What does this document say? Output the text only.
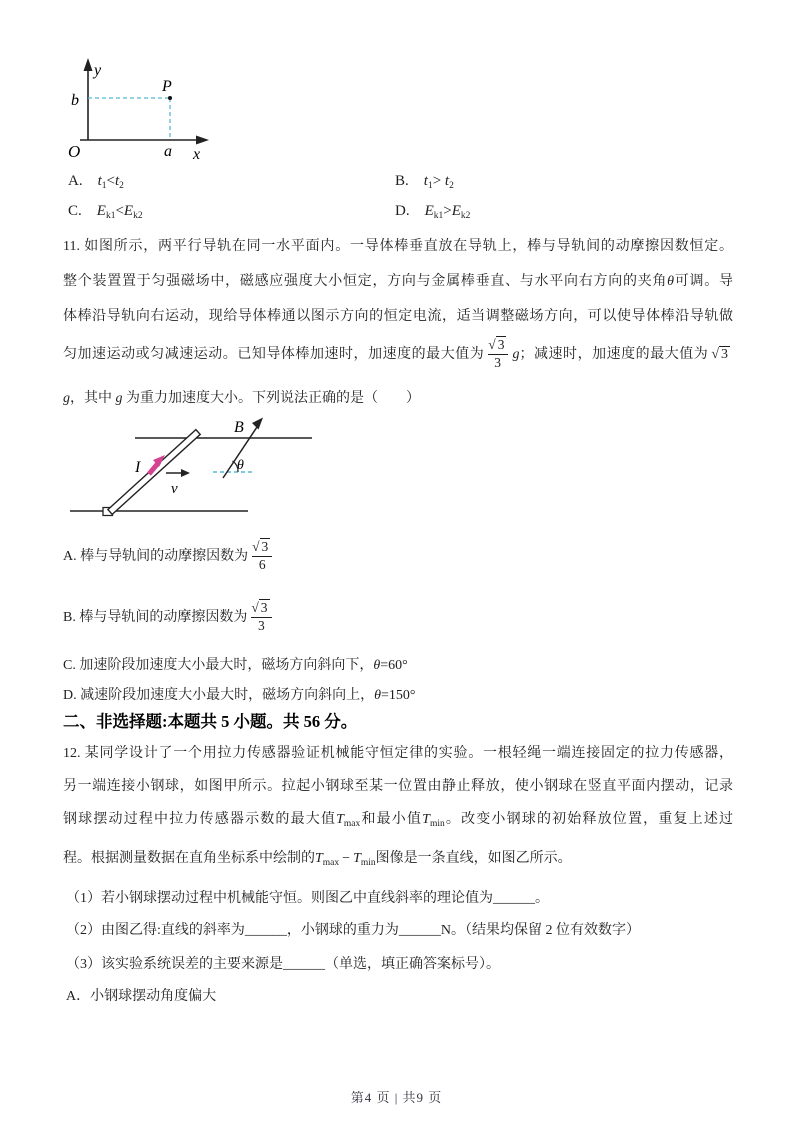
y
b
P
O	a x
A. $t_1<t_2$	B. $t_1> t_2$
C. $E_{k1}<E_{k2}$	D. $E_{k1}>E_{k2}$
11. 如图所示，两平行导轨在同一水平面内。一导体棒垂直放在导轨上，棒与导轨间的动摩擦因数恒定。
整个装置置于匀强磁场中，磁感应强度大小恒定，方向与金属棒垂直、与水平向右方向的夹角θ可调。导
体棒沿导轨向右运动，现给导体棒通以图示方向的恒定电流，适当调整磁场方向，可以使导体棒沿导轨做
匀加速运动或匀减速运动。已知导体棒加速时，加速度的最大值为 $\frac{√ 3}{3}$ g；减速时，加速度的最大值为 √ 3
g，其中 g 为重力加速度大小。下列说法正确的是（　　）
I
v
B
θ
A. 棒与导轨间的动摩擦因数为 $\frac{√ 3}{6}$
B. 棒与导轨间的动摩擦因数为 $\frac{√ 3}{3}$
C. 加速阶段加速度大小最大时，磁场方向斜向下，θ=60°
D. 减速阶段加速度大小最大时，磁场方向斜向上，θ=150°
二、非选择题:本题共 5 小题。共 56 分。
12. 某同学设计了一个用拉力传感器验证机械能守恒定律的实验。一根轻绳一端连接固定的拉力传感器，
另一端连接小钢球，如图甲所示。拉起小钢球至某一位置由静止释放，使小钢球在竖直平面内摆动，记录
钢球摆动过程中拉力传感器示数的最大值$T_{max}$和最小值$T_{min}$。改变小钢球的初始释放位置，重复上述过
程。根据测量数据在直角坐标系中绘制的$T_{max} - T_{min}$图像是一条直线，如图乙所示。
（1）若小钢球摆动过程中机械能守恒。则图乙中直线斜率的理论值为______。
（2）由图乙得:直线的斜率为______，小钢球的重力为______N。（结果均保留 2 位有效数字）
（3）该实验系统误差的主要来源是______（单选，填正确答案标号）。
A．小钢球摆动角度偏大
第4 页 | 共9 页
